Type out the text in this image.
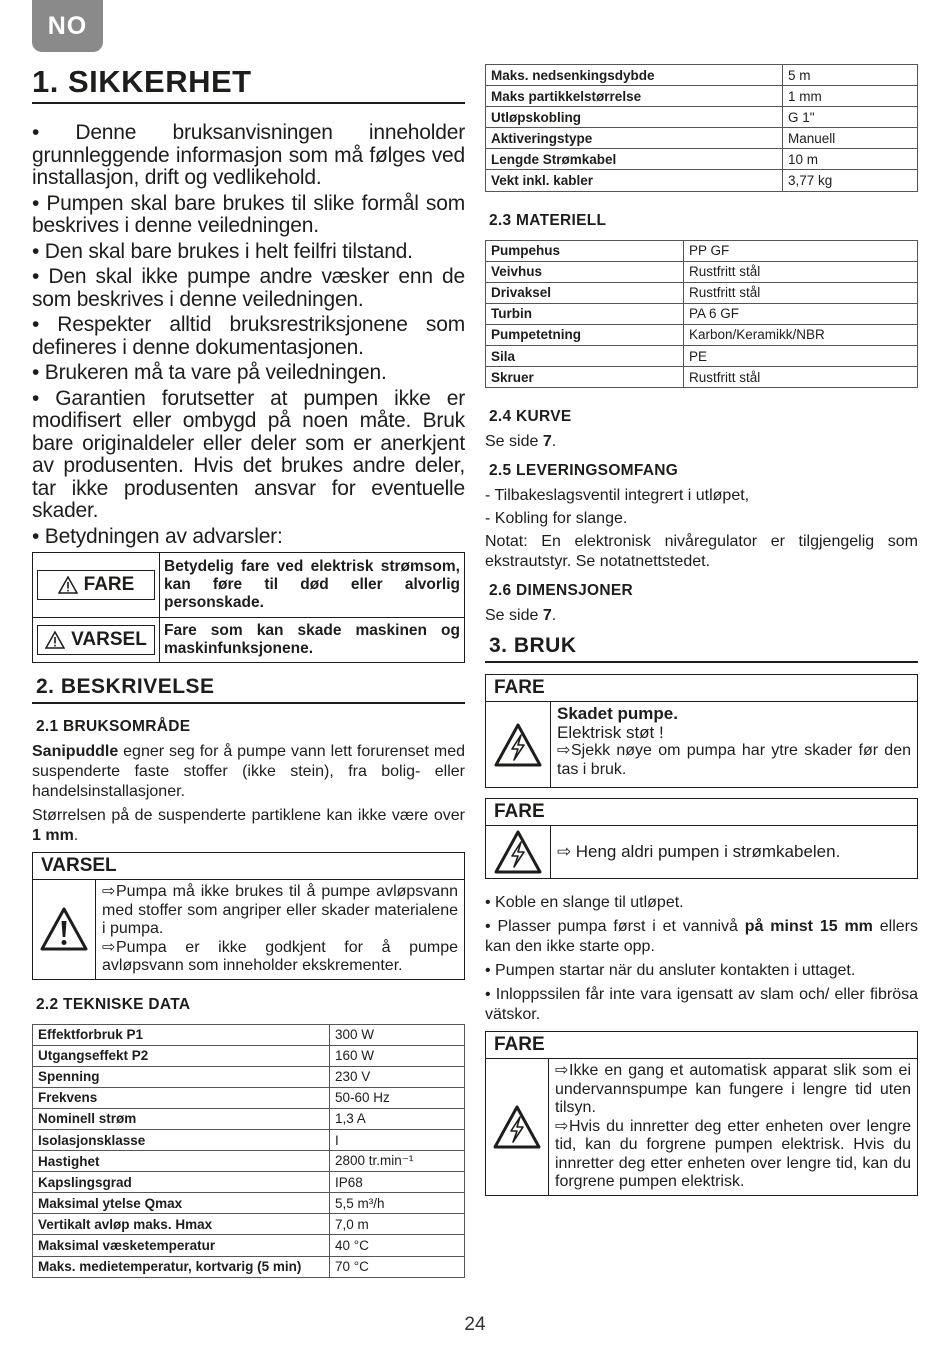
NO
1. SIKKERHET

• Denne bruksanvisningen inneholder grunnleggende informasjon som må følges ved installasjon, drift og vedlikehold.

• Pumpen skal bare brukes til slike formål som beskrives i denne veiledningen.

• Den skal bare brukes i helt feilfri tilstand.

• Den skal ikke pumpe andre væsker enn de som beskrives i denne veiledningen.

• Respekter alltid bruksrestriksjonene som defineres i denne dokumentasjonen.

• Brukeren må ta vare på veiledningen.

• Garantien forutsetter at pumpen ikke er modifisert eller ombygd på noen måte. Bruk bare originaldeler eller deler som er anerkjent av produsenten. Hvis det brukes andre deler, tar ikke produsenten ansvar for eventuelle skader.

• Betydningen av advarsler:

FARE	Betydelig fare ved elektrisk strømsom, kan føre til død eller alvorlig personskade.

VARSEL	Fare som kan skade maskinen og maskinfunksjonene.
2. BESKRIVELSE
2.1 BRUKSOMRÅDE

Sanipuddle egner seg for å pumpe vann lett forurenset med suspenderte faste stoffer (ikke stein), fra bolig- eller handelsinstallasjoner.

Størrelsen på de suspenderte partiklene kan ikke være over 1 mm.

VARSEL
⇨Pumpa må ikke brukes til å pumpe avløpsvann med stoffer som angriper eller skader materialene i pumpa.
⇨Pumpa er ikke godkjent for å pumpe avløpsvann som inneholder ekskrementer.
2.2 TEKNISKE DATA
Effektforbruk P1	300 W
Utgangseffekt P2	160 W
Spenning	230 V
Frekvens	50-60 Hz
Nominell strøm	1,3 A
Isolasjonsklasse	I
Hastighet	2800 tr.min⁻¹
Kapslingsgrad	IP68
Maksimal ytelse Qmax	5,5 m³/h
Vertikalt avløp maks. Hmax	7,0 m
Maksimal væsketemperatur	40 °C
Maks. medietemperatur, kortvarig (5 min)	70 °C
Maks. nedsenkingsdybde	5 m
Maks partikkelstørrelse	1 mm
Utløpskobling	G 1"
Aktiveringstype	Manuell
Lengde Strømkabel	10 m
Vekt inkl. kabler	3,77 kg
2.3 MATERIELL
Pumpehus	PP GF
Veivhus	Rustfritt stål
Drivaksel	Rustfritt stål
Turbin	PA 6 GF
Pumpetetning	Karbon/Keramikk/NBR
Sila	PE
Skruer	Rustfritt stål
2.4 KURVE

Se side 7.

2.5 LEVERINGSOMFANG

- Tilbakeslagsventil integrert i utløpet,

- Kobling for slange.

Notat: En elektronisk nivåregulator er tilgjengelig som ekstrautstyr. Se notatnettstedet.

2.6 DIMENSJONER

Se side 7.

3. BRUK
FARE
Skadet pumpe.
Elektrisk støt !
⇨Sjekk nøye om pumpa har ytre skader før den tas i bruk.
FARE
⇨
Heng aldri pumpen i strømkabelen.

• Koble en slange til utløpet.

• Plasser pumpa først i et vannivå på minst 15 mm ellers kan den ikke starte opp.

• Pumpen startar när du ansluter kontakten i uttaget.

• Inloppssilen får inte vara igensatt av slam och/ eller fibrösa vätskor.

FARE
⇨Ikke en gang et automatisk apparat slik som ei undervannspumpe kan fungere i lengre tid uten tilsyn.
⇨Hvis du innretter deg etter enheten over lengre tid, kan du forgrene pumpen elektrisk. Hvis du innretter deg etter enheten over lengre tid, kan du forgrene pumpen elektrisk.
24
